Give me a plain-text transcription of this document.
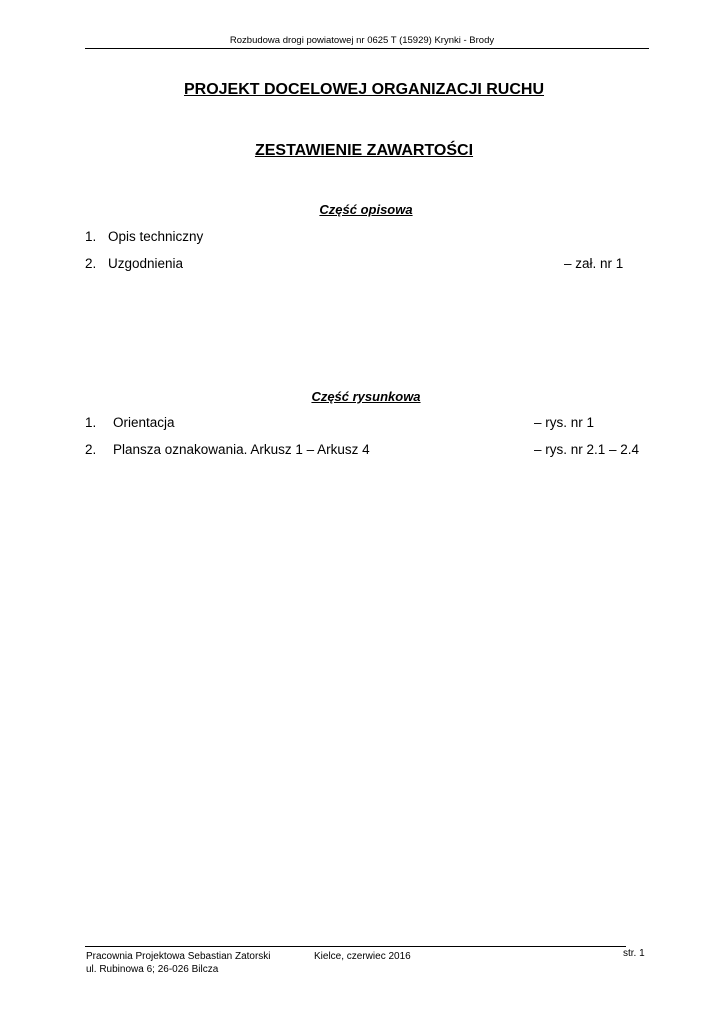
Rozbudowa drogi powiatowej nr 0625 T (15929) Krynki - Brody
PROJEKT DOCELOWEJ ORGANIZACJI RUCHU
ZESTAWIENIE ZAWARTOŚCI
Część opisowa
1. Opis techniczny
2. Uzgodnienia	– zał. nr 1
Część rysunkowa
1. Orientacja	– rys. nr 1
2. Plansza oznakowania. Arkusz 1 – Arkusz 4	– rys. nr 2.1 – 2.4
Pracownia Projektowa Sebastian Zatorski
ul. Rubinowa 6; 26-026 Bilcza
Kielce, czerwiec 2016	str. 1
